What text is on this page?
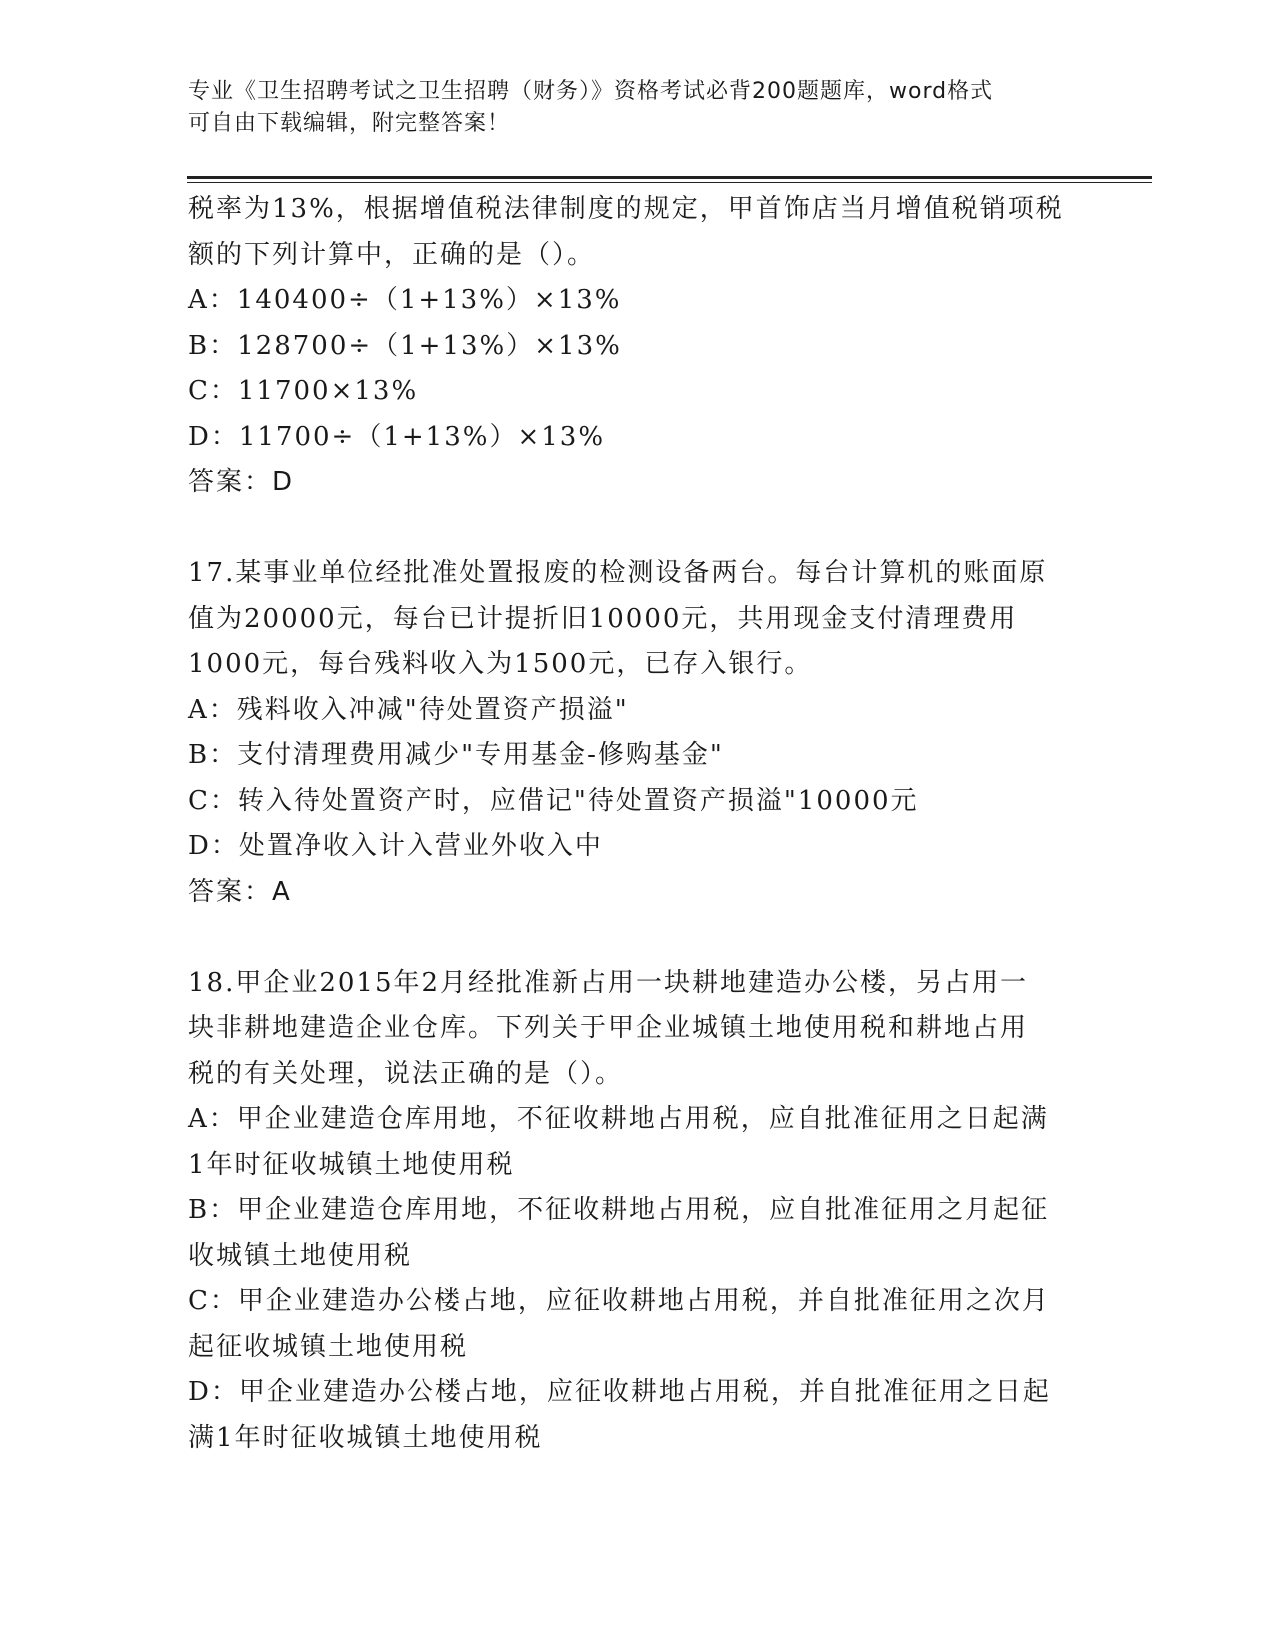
专业《卫生招聘考试之卫生招聘（财务）》资格考试必背200题题库，word格式
可自由下载编辑，附完整答案！
税率为13%，根据增值税法律制度的规定，甲首饰店当月增值税销项税
额的下列计算中，正确的是（）。
A：140400÷（1+13%）×13%
B：128700÷（1+13%）×13%
C：11700×13%
D：11700÷（1+13%）×13%
答案：D
17.某事业单位经批准处置报废的检测设备两台。每台计算机的账面原
值为20000元，每台已计提折旧10000元，共用现金支付清理费用
1000元，每台残料收入为1500元，已存入银行。
A：残料收入冲减"待处置资产损溢"
B：支付清理费用减少"专用基金-修购基金"
C：转入待处置资产时，应借记"待处置资产损溢"10000元
D：处置净收入计入营业外收入中
答案：A
18.甲企业2015年2月经批准新占用一块耕地建造办公楼，另占用一
块非耕地建造企业仓库。下列关于甲企业城镇土地使用税和耕地占用
税的有关处理，说法正确的是（）。
A：甲企业建造仓库用地，不征收耕地占用税，应自批准征用之日起满
1年时征收城镇土地使用税
B：甲企业建造仓库用地，不征收耕地占用税，应自批准征用之月起征
收城镇土地使用税
C：甲企业建造办公楼占地，应征收耕地占用税，并自批准征用之次月
起征收城镇土地使用税
D：甲企业建造办公楼占地，应征收耕地占用税，并自批准征用之日起
满1年时征收城镇土地使用税
